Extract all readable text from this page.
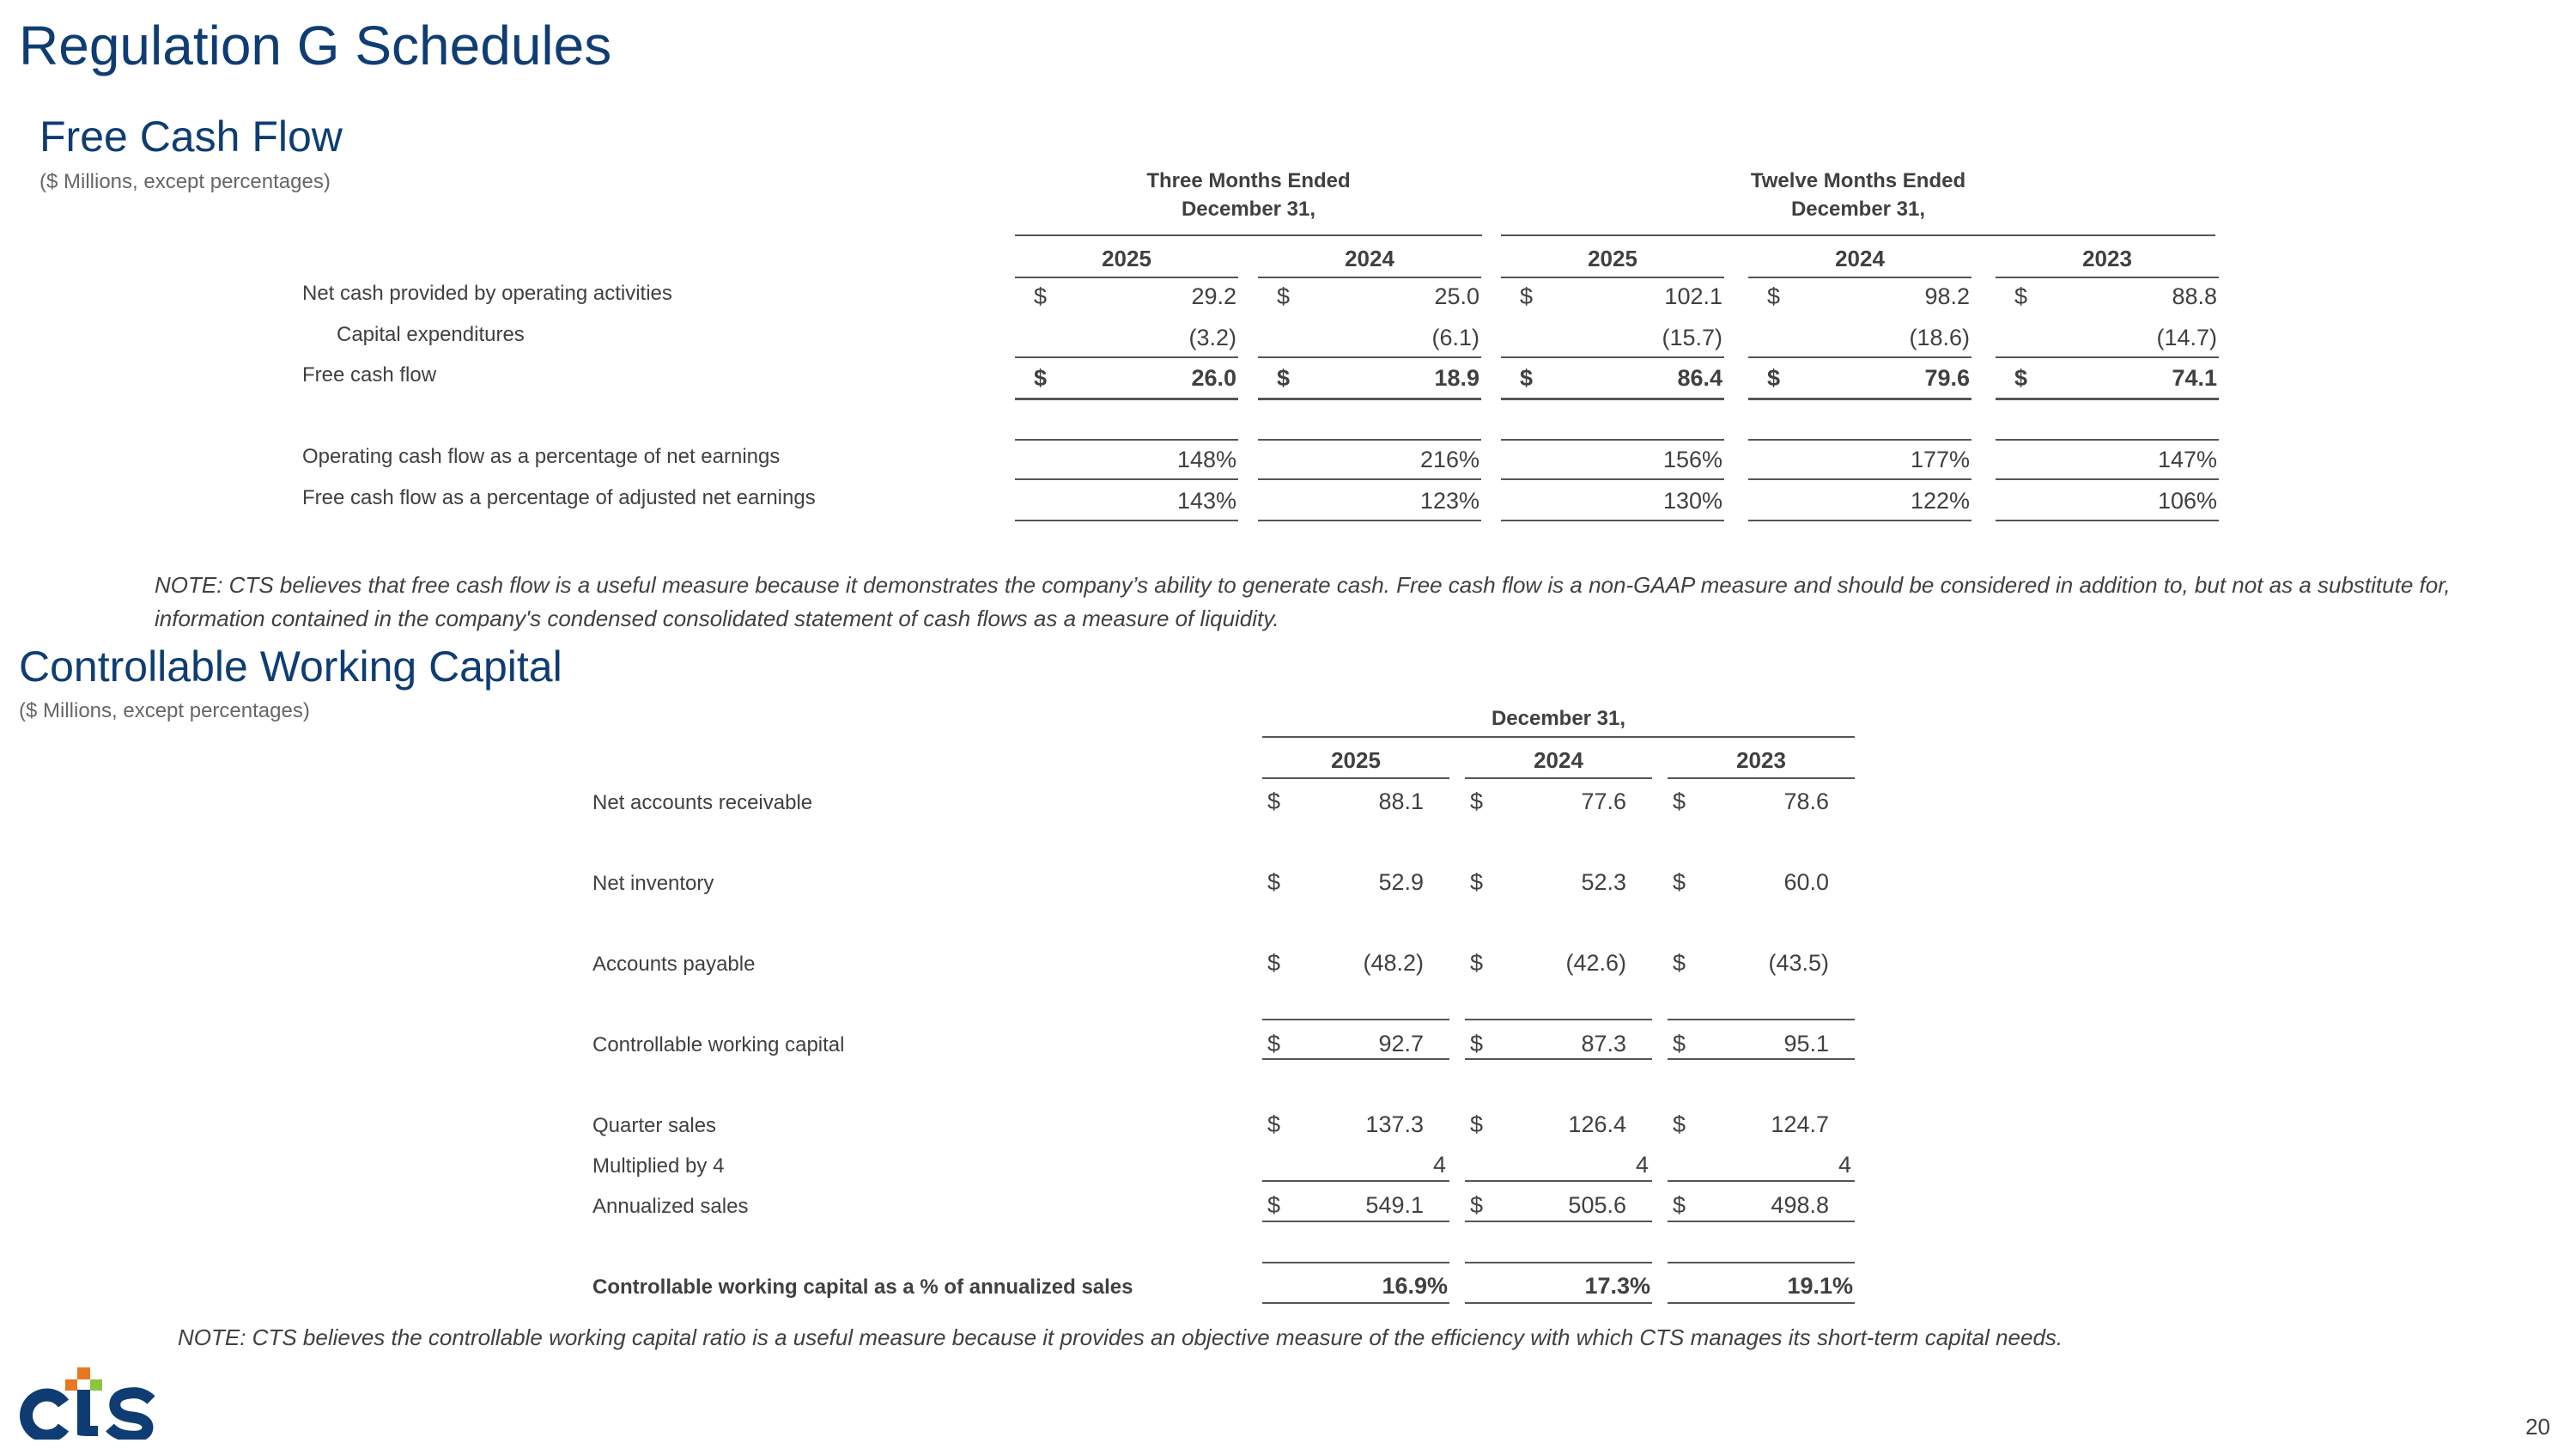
Regulation G Schedules
Free Cash Flow
($ Millions, except percentages)	Three Months Ended
December 31,
Twelve Months Ended
December 31,
2025	2024	2025	2024	2023
Net cash provided by operating activities	$	29.2 $	25.0 $	102.1 $	98.2 $	88.8
Capital expenditures	(3.2)	(6.1)	(15.7)	(18.6)	(14.7)
Free cash flow	$	26.0 $	18.9 $	86.4 $	79.6 $	74.1
Operating cash flow as a percentage of net earnings	148%	216%	156%	177%	147%
Free cash flow as a percentage of adjusted net earnings	143%	123%	130%	122%	106%
NOTE: CTS believes that free cash flow is a useful measure because it demonstrates the company’s ability to generate cash. Free cash flow is a non-GAAP measure and should be considered in addition to, but not as a substitute for, information contained in the company's condensed consolidated statement of cash flows as a measure of liquidity.
Controllable Working Capital
($ Millions, except percentages)	December 31,
2025	2024	2023
Net accounts receivable	$	88.1 $	77.6 $	78.6
Net inventory	$	52.9 $	52.3 $	60.0
Accounts payable	$	(48.2) $	(42.6) $	(43.5)
Controllable working capital	$	92.7 $	87.3 $	95.1
Quarter sales	$	137.3 $	126.4 $	124.7
Multiplied by 4	4	4	4
Annualized sales	$	549.1 $	505.6 $	498.8
Controllable working capital as a % of annualized sales	16.9%	17.3%	19.1%
NOTE: CTS believes the controllable working capital ratio is a useful measure because it provides an objective measure of the efficiency with which CTS manages its short-term capital needs.
20
